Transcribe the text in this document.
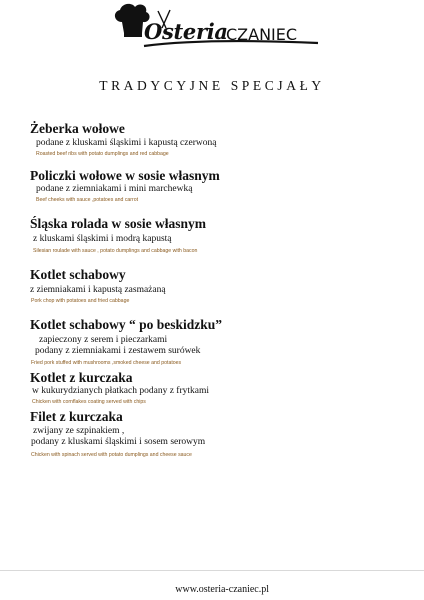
Osteria
CZANIEC
TRADYCYJNE SPECJAŁY
Żeberka wołowe
podane z kluskami śląskimi i kapustą czerwoną
Roasted beef ribs with potato dumplings and red cabbage
Policzki wołowe w sosie własnym
podane z ziemniakami i mini marchewką
Beef cheeks with sauce ,potatoes and carrot
Śląska rolada w sosie własnym
z kluskami śląskimi i modrą kapustą
Silesian roulade with sauce , potato dumplings and cabbage with bacon
Kotlet schabowy
z ziemniakami i kapustą zasmażaną
Pork chop with potatoes and fried cabbage
Kotlet schabowy “ po beskidzku”
zapieczony z serem i pieczarkami
podany z ziemniakami i zestawem surówek
Fried pork stuffed with mushrooms ,smoked cheese and potatoes
Kotlet z kurczaka
w kukurydzianych płatkach podany z frytkami
Chicken with cornflakes coating served with chips
Filet z kurczaka
zwijany ze szpinakiem ,
podany z kluskami śląskimi i sosem serowym
Chicken with spinach served with potato dumplings and cheese sauce
www.osteria-czaniec.pl
